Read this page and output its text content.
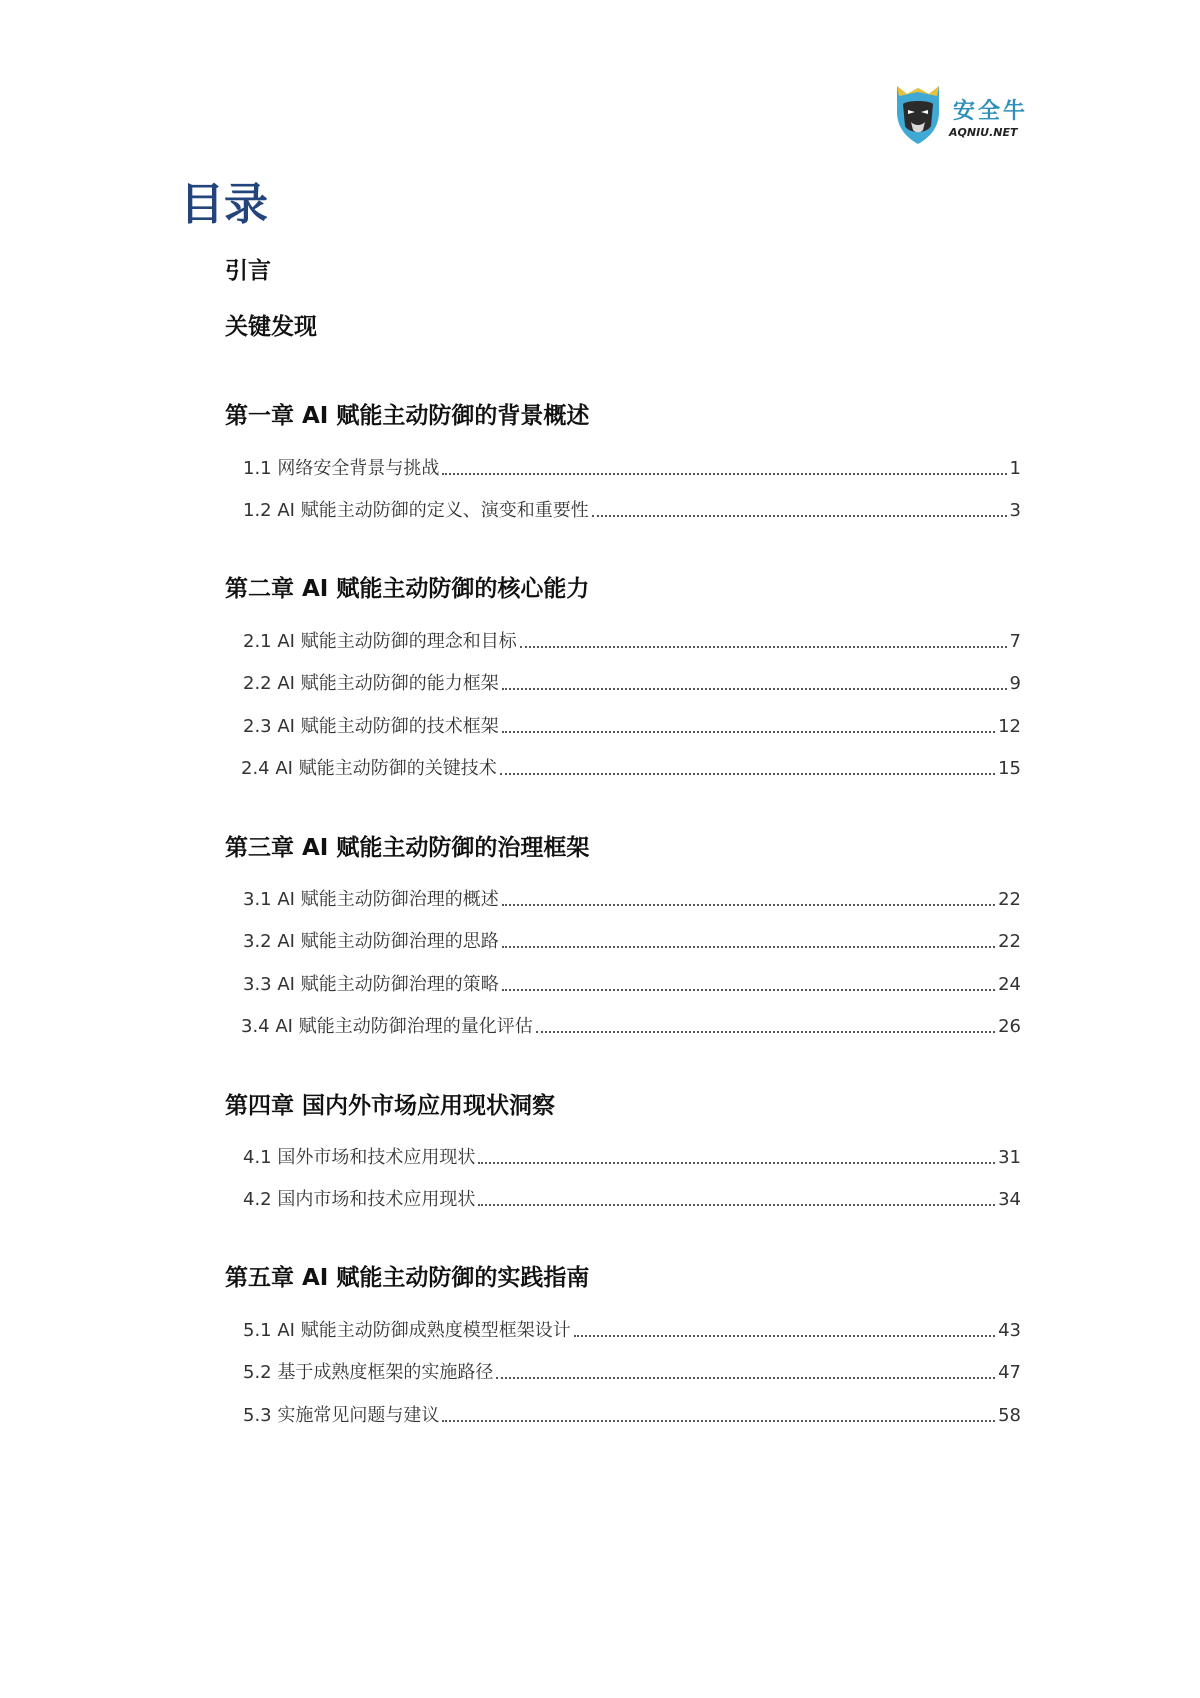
安全牛
AQNIU.NET
目录
引言
关键发现
第一章 AI 赋能主动防御的背景概述
1.1 网络安全背景与挑战	1
1.2 AI 赋能主动防御的定义、演变和重要性	3
第二章 AI 赋能主动防御的核心能力
2.1 AI 赋能主动防御的理念和目标	7
2.2 AI 赋能主动防御的能力框架	9
2.3 AI 赋能主动防御的技术框架	12
2.4 AI 赋能主动防御的关键技术	15
第三章 AI 赋能主动防御的治理框架
3.1 AI 赋能主动防御治理的概述	22
3.2 AI 赋能主动防御治理的思路	22
3.3 AI 赋能主动防御治理的策略	24
3.4 AI 赋能主动防御治理的量化评估	26
第四章 国内外市场应用现状洞察
4.1 国外市场和技术应用现状	31
4.2 国内市场和技术应用现状	34
第五章 AI 赋能主动防御的实践指南
5.1 AI 赋能主动防御成熟度模型框架设计	43
5.2 基于成熟度框架的实施路径	47
5.3 实施常见问题与建议	58
